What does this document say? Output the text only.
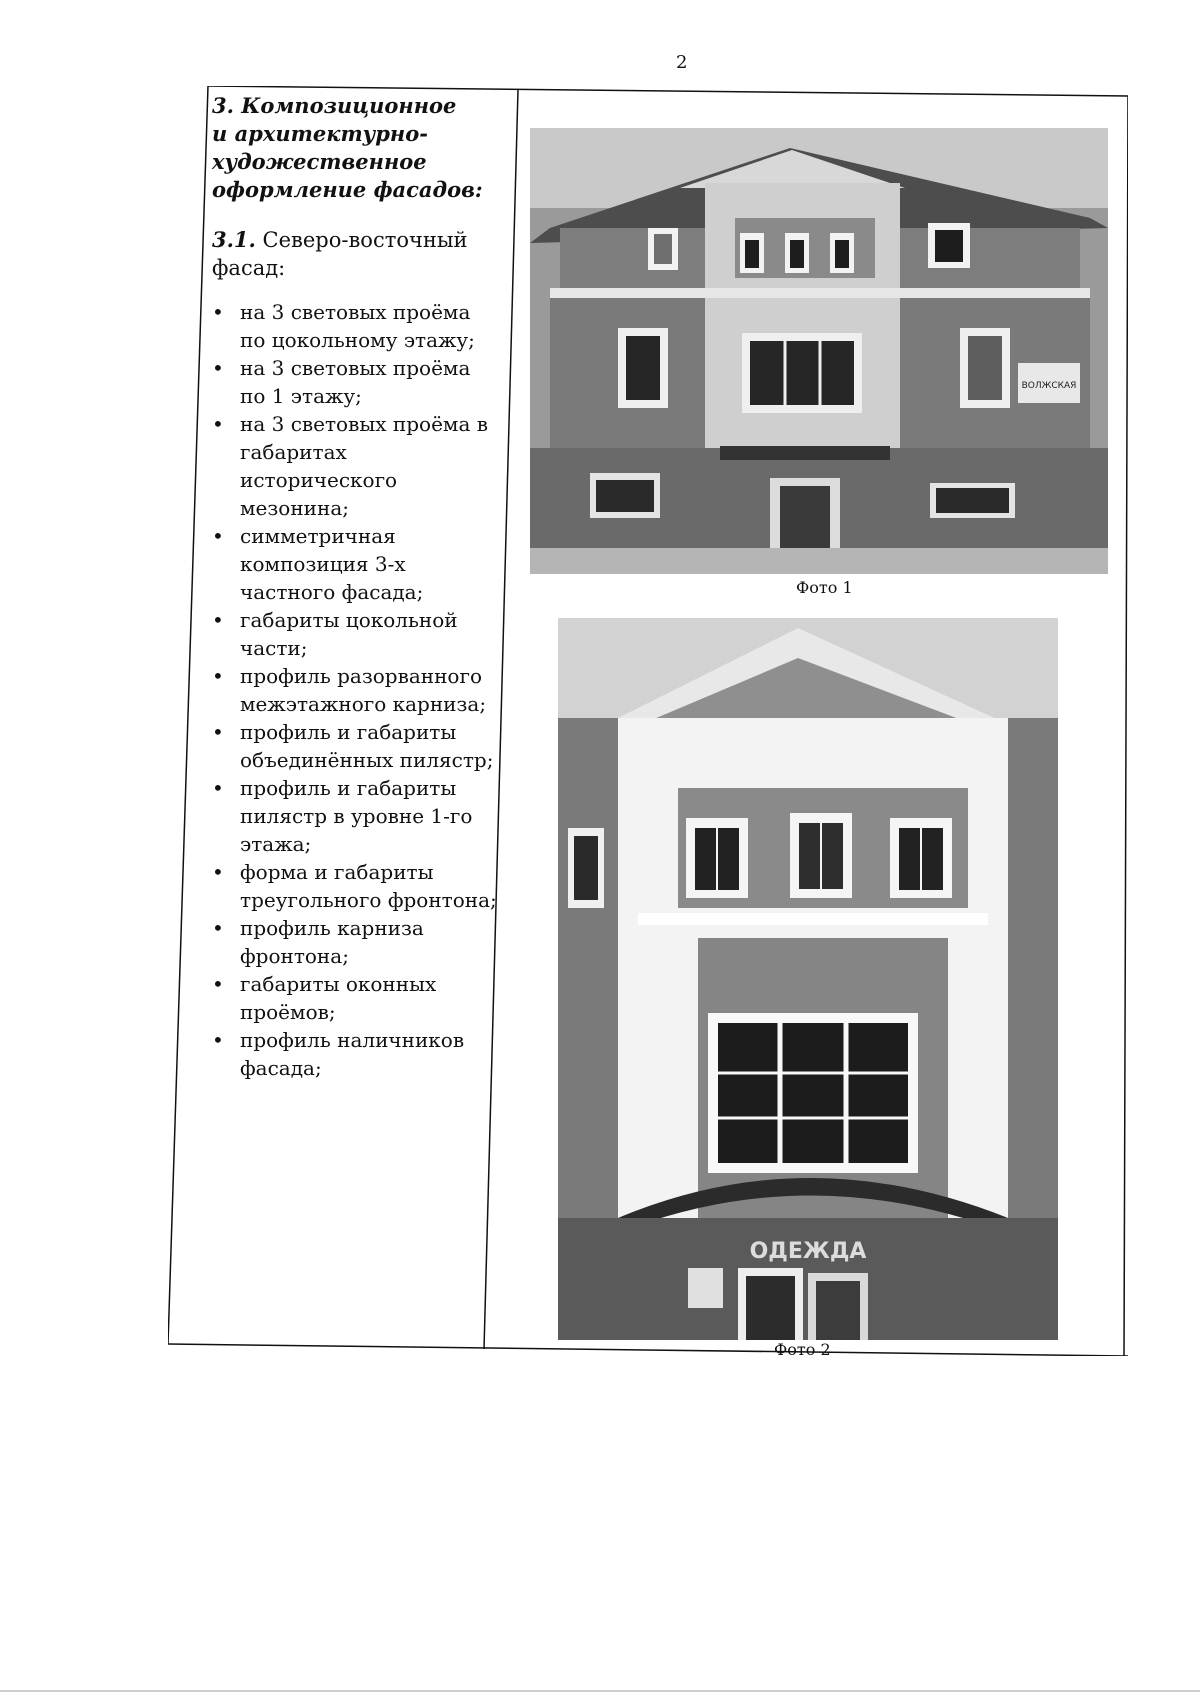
2

3. Композиционное
и архитектурно-
художественное
оформление фасадов:

3.1. Северо-восточный фасад:

• на 3 световых проёма по цокольному этажу;
• на 3 световых проёма по 1 этажу;
• на 3 световых проёма в габаритах исторического мезонина;
• симметричная композиция 3-х частного фасада;
• габариты цокольной части;
• профиль разорванного межэтажного карниза;
• профиль и габариты объединённых пилястр;
• профиль и габариты пилястр в уровне 1-го этажа;
• форма и габариты треугольного фронтона;
• профиль карниза фронтона;
• габариты оконных проёмов;
• профиль наличников фасада;
ВОЛЖСКАЯ
Фото 1
ОДЕЖДА
Фото 2
